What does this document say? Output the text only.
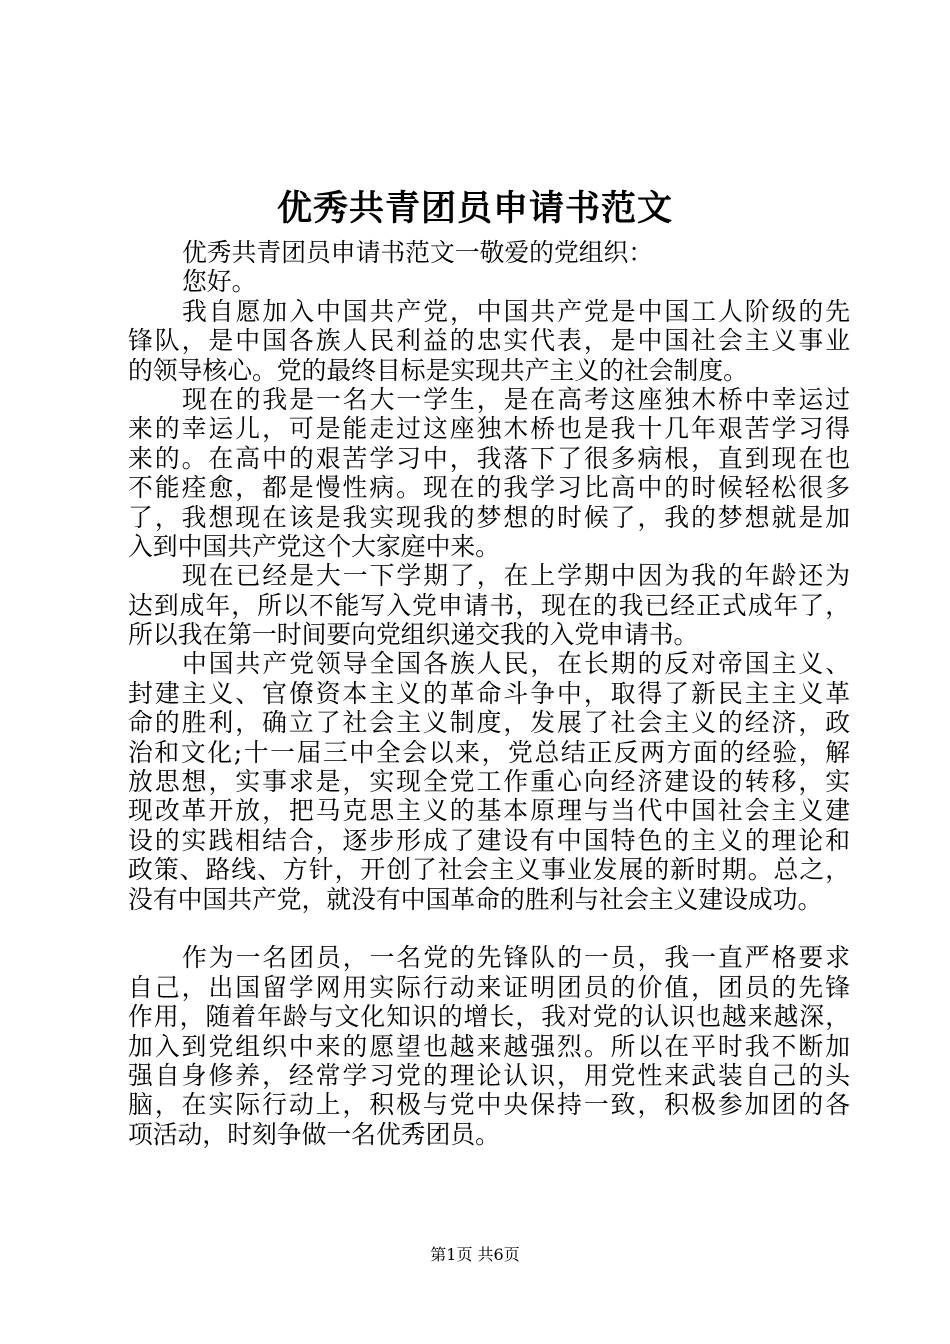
优秀共青团员申请书范文
优秀共青团员申请书范文一敬爱的党组织：
您好。
我自愿加入中国共产党，中国共产党是中国工人阶级的先
锋队，是中国各族人民利益的忠实代表，是中国社会主义事业
的领导核心。党的最终目标是实现共产主义的社会制度。
现在的我是一名大一学生，是在高考这座独木桥中幸运过
来的幸运儿，可是能走过这座独木桥也是我十几年艰苦学习得
来的。在高中的艰苦学习中，我落下了很多病根，直到现在也
不能痊愈，都是慢性病。现在的我学习比高中的时候轻松很多
了，我想现在该是我实现我的梦想的时候了，我的梦想就是加
入到中国共产党这个大家庭中来。
现在已经是大一下学期了，在上学期中因为我的年龄还为
达到成年，所以不能写入党申请书，现在的我已经正式成年了，
所以我在第一时间要向党组织递交我的入党申请书。
中国共产党领导全国各族人民，在长期的反对帝国主义、
封建主义、官僚资本主义的革命斗争中，取得了新民主主义革
命的胜利，确立了社会主义制度，发展了社会主义的经济，政
治和文化;十一届三中全会以来，党总结正反两方面的经验，解
放思想，实事求是，实现全党工作重心向经济建设的转移，实
现改革开放，把马克思主义的基本原理与当代中国社会主义建
设的实践相结合，逐步形成了建设有中国特色的主义的理论和
政策、路线、方针，开创了社会主义事业发展的新时期。总之，
没有中国共产党，就没有中国革命的胜利与社会主义建设成功。
作为一名团员，一名党的先锋队的一员，我一直严格要求
自己，出国留学网用实际行动来证明团员的价值，团员的先锋
作用，随着年龄与文化知识的增长，我对党的认识也越来越深，
加入到党组织中来的愿望也越来越强烈。所以在平时我不断加
强自身修养，经常学习党的理论认识，用党性来武装自己的头
脑，在实际行动上，积极与党中央保持一致，积极参加团的各
项活动，时刻争做一名优秀团员。
第1页 共6页
